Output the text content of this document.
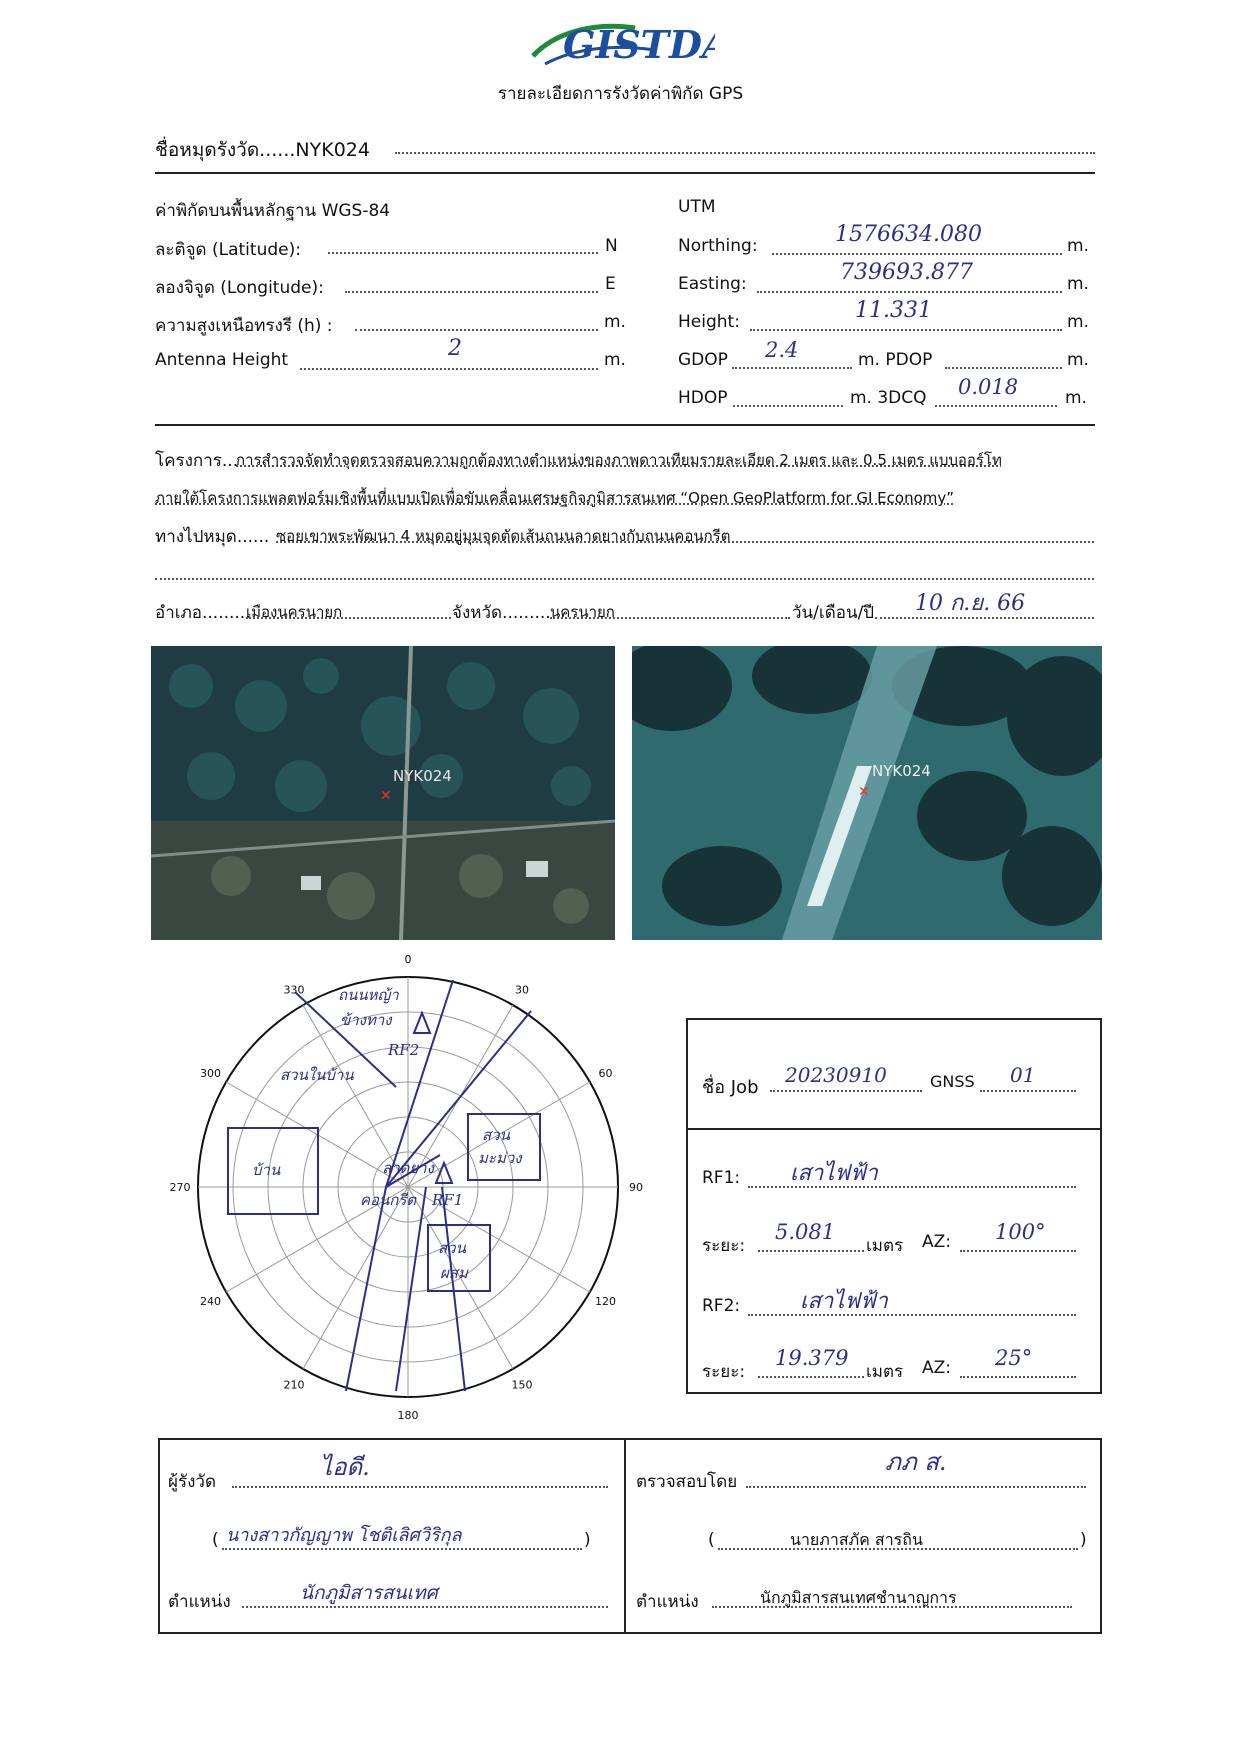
GISTDA
รายละเอียดการรังวัดค่าพิกัด GPS
ชื่อหมุดรังวัด......NYK024
ค่าพิกัดบนพื้นหลักฐาน WGS-84
ละติจูด (Latitude):	N
ลองจิจูด (Longitude):	E
ความสูงเหนือทรงรี (h) :	m.
Antenna Height	2	m.
UTM
Northing:	1576634.080	m.
Easting:	739693.877	m.
Height:	11.331	m.
GDOP 2.4	m. PDOP	m.
HDOP	m. 3DCQ 0.018	m.
โครงการ...
การสำรวจจัดทำจุดตรวจสอบความถูกต้องทางตำแหน่งของภาพดาวเทียมรายละเอียด 2 เมตร และ 0.5 เมตร แบบออร์โท
ภายใต้โครงการแพลตฟอร์มเชิงพื้นที่แบบเปิดเพื่อขับเคลื่อนเศรษฐกิจภูมิสารสนเทศ “Open GeoPlatform for GI Economy”
ทางไปหมุด...... ซอยเขาพระพัฒนา 4 หมุดอยู่มุมจุดตัดเส้นถนนลาดยางกับถนนคอนกรีต
อำเภอ.........
เมืองนครนายก	จังหวัด......... นครนายก	วัน/เดือน/ปี 10 ก.ย. 66
NYK024
✕
NYK024
✕
0
30
60
90
120
150
180
210
240
270
300
330 ถนนหญ้า
ข้างทาง
RF2
สวนในบ้าน
บ้าน
สวน
มะม่วง
ลาดยาง
คอนกรีต RF1
สวน
ผสม
ชื่อ Job
20230910	GNSS 01
RF1: เสาไฟฟ้า
ระยะ:
5.081
เมตร AZ: 100°
RF2:	เสาไฟฟ้า
ระยะ:
19.379
เมตร AZ: 25°
ผู้รังวัด
ไอดี.
( นางสาวกัญญาพ โชติเลิศวิริกุล	)
ตำแหน่ง	นักภูมิสารสนเทศ
ตรวจสอบโดย
ภภ ส.
(	นายภาสภัค สารถิน	)
ตำแหน่ง	นักภูมิสารสนเทศชำนาญการ
